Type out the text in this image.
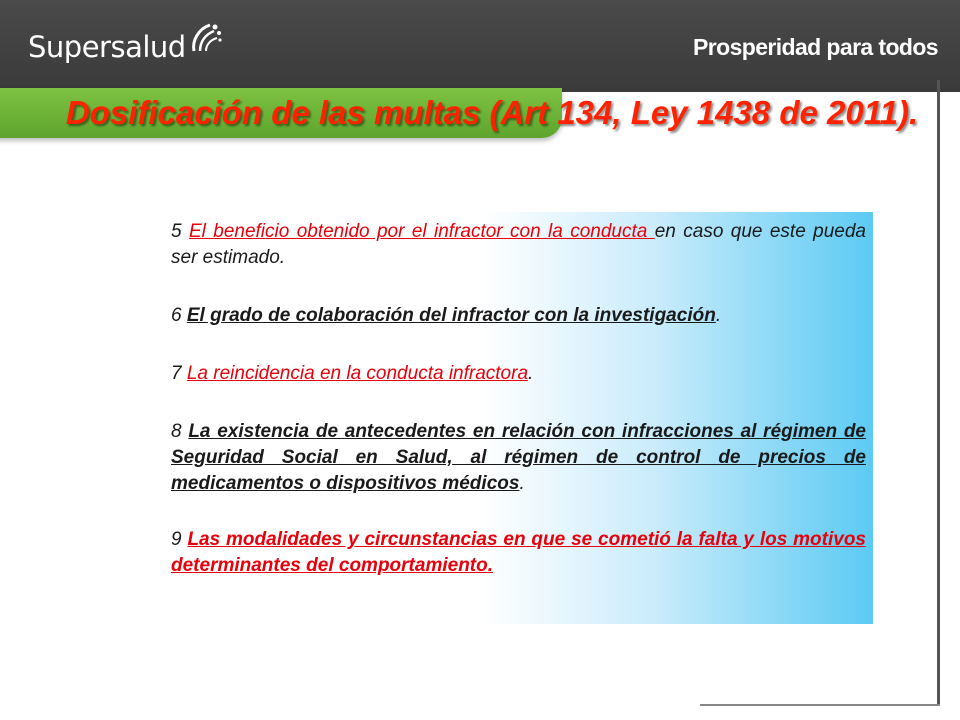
Supersalud	Prosperidad para todos
Dosificación de las multas (Art 134, Ley 1438 de 2011).
5 El beneficio obtenido por el infractor con la conducta en caso que este pueda ser estimado.
6 El grado de colaboración del infractor con la investigación.
7 La reincidencia en la conducta infractora.
8 La existencia de antecedentes en relación con infracciones al régimen de Seguridad Social en Salud, al régimen de control de precios de medicamentos o dispositivos médicos.
9 Las modalidades y circunstancias en que se cometió la falta y los motivos determinantes del comportamiento.
